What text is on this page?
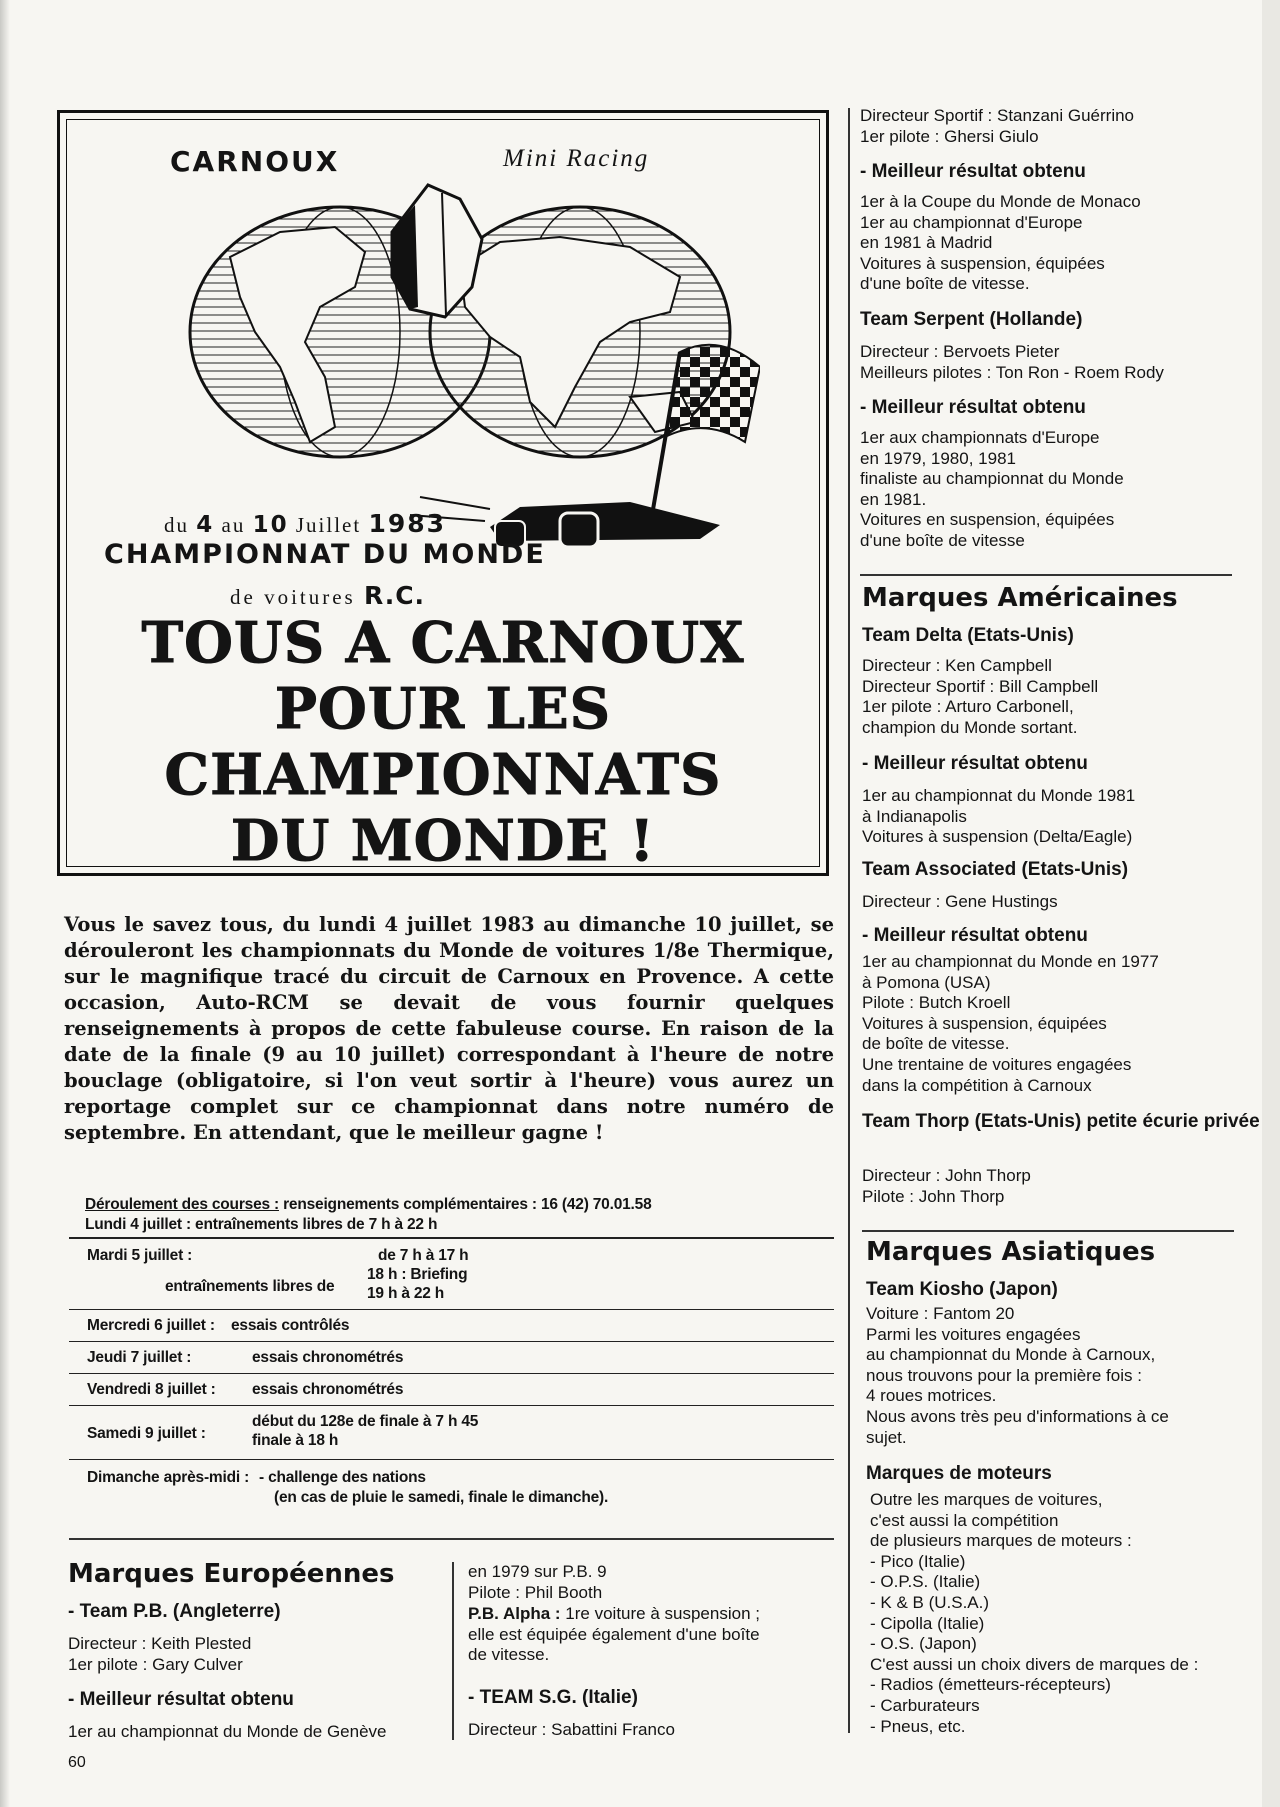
CARNOUX	Mini Racing
du 4 au 10 Juillet 1983
CHAMPIONNAT DU MONDE
de voitures R.C.
TOUS A CARNOUX
POUR LES
CHAMPIONNATS
DU MONDE !

Vous le savez tous, du lundi 4 juillet 1983 au dimanche 10 juillet, se dérouleront les championnats du Monde de voitures 1/8e Thermique, sur le magnifique tracé du circuit de Carnoux en Provence. A cette occasion, Auto-RCM se devait de vous fournir quelques renseignements à propos de cette fabuleuse course. En raison de la date de la finale (9 au 10 juillet) correspondant à l'heure de notre bouclage (obligatoire, si l'on veut sortir à l'heure) vous aurez un reportage complet sur ce championnat dans notre numéro de septembre. En attendant, que le meilleur gagne !

Déroulement des courses : renseignements complémentaires : 16 (42) 70.01.58
Lundi 4 juillet : entraînements libres de 7 h à 22 h
Mardi 5 juillet :
entraînements libres de
de 7 h à 17 h
18 h : Briefing
19 h à 22 h
Mercredi 6 juillet : essais contrôlés
Jeudi 7 juillet :	essais chronométrés
Vendredi 8 juillet : essais chronométrés
Samedi 9 juillet :
début du 128e de finale à 7 h 45
finale à 18 h
Dimanche après-midi : - challenge des nations
(en cas de pluie le samedi, finale le dimanche).
Marques Européennes
- Team P.B. (Angleterre)
Directeur : Keith Plested
1er pilote : Gary Culver
- Meilleur résultat obtenu
1er au championnat du Monde de Genève
en 1979 sur P.B. 9
Pilote : Phil Booth
P.B. Alpha : 1re voiture à suspension ;
elle est équipée également d'une boîte
de vitesse.
- TEAM S.G. (Italie)
Directeur : Sabattini Franco
60
Directeur Sportif : Stanzani Guérrino
1er pilote : Ghersi Giulo
- Meilleur résultat obtenu
1er à la Coupe du Monde de Monaco
1er au championnat d'Europe
en 1981 à Madrid
Voitures à suspension, équipées
d'une boîte de vitesse.
Team Serpent (Hollande)
Directeur : Bervoets Pieter
Meilleurs pilotes : Ton Ron - Roem Rody
- Meilleur résultat obtenu
1er aux championnats d'Europe
en 1979, 1980, 1981
finaliste au championnat du Monde
en 1981.
Voitures en suspension, équipées
d'une boîte de vitesse
Marques Américaines
Team Delta (Etats-Unis)
Directeur : Ken Campbell
Directeur Sportif : Bill Campbell
1er pilote : Arturo Carbonell,
champion du Monde sortant.
- Meilleur résultat obtenu
1er au championnat du Monde 1981
à Indianapolis
Voitures à suspension (Delta/Eagle)
Team Associated (Etats-Unis)
Directeur : Gene Hustings
- Meilleur résultat obtenu
1er au championnat du Monde en 1977
à Pomona (USA)
Pilote : Butch Kroell
Voitures à suspension, équipées
de boîte de vitesse.
Une trentaine de voitures engagées
dans la compétition à Carnoux
Team Thorp (Etats-Unis) petite écurie privée
Directeur : John Thorp
Pilote : John Thorp
Marques Asiatiques
Team Kiosho (Japon)
Voiture : Fantom 20
Parmi les voitures engagées
au championnat du Monde à Carnoux,
nous trouvons pour la première fois :
4 roues motrices.
Nous avons très peu d'informations à ce
sujet.
Marques de moteurs
Outre les marques de voitures,
c'est aussi la compétition
de plusieurs marques de moteurs :
- Pico (Italie)
- O.P.S. (Italie)
- K & B (U.S.A.)
- Cipolla (Italie)
- O.S. (Japon)
C'est aussi un choix divers de marques de :
- Radios (émetteurs-récepteurs)
- Carburateurs
- Pneus, etc.
